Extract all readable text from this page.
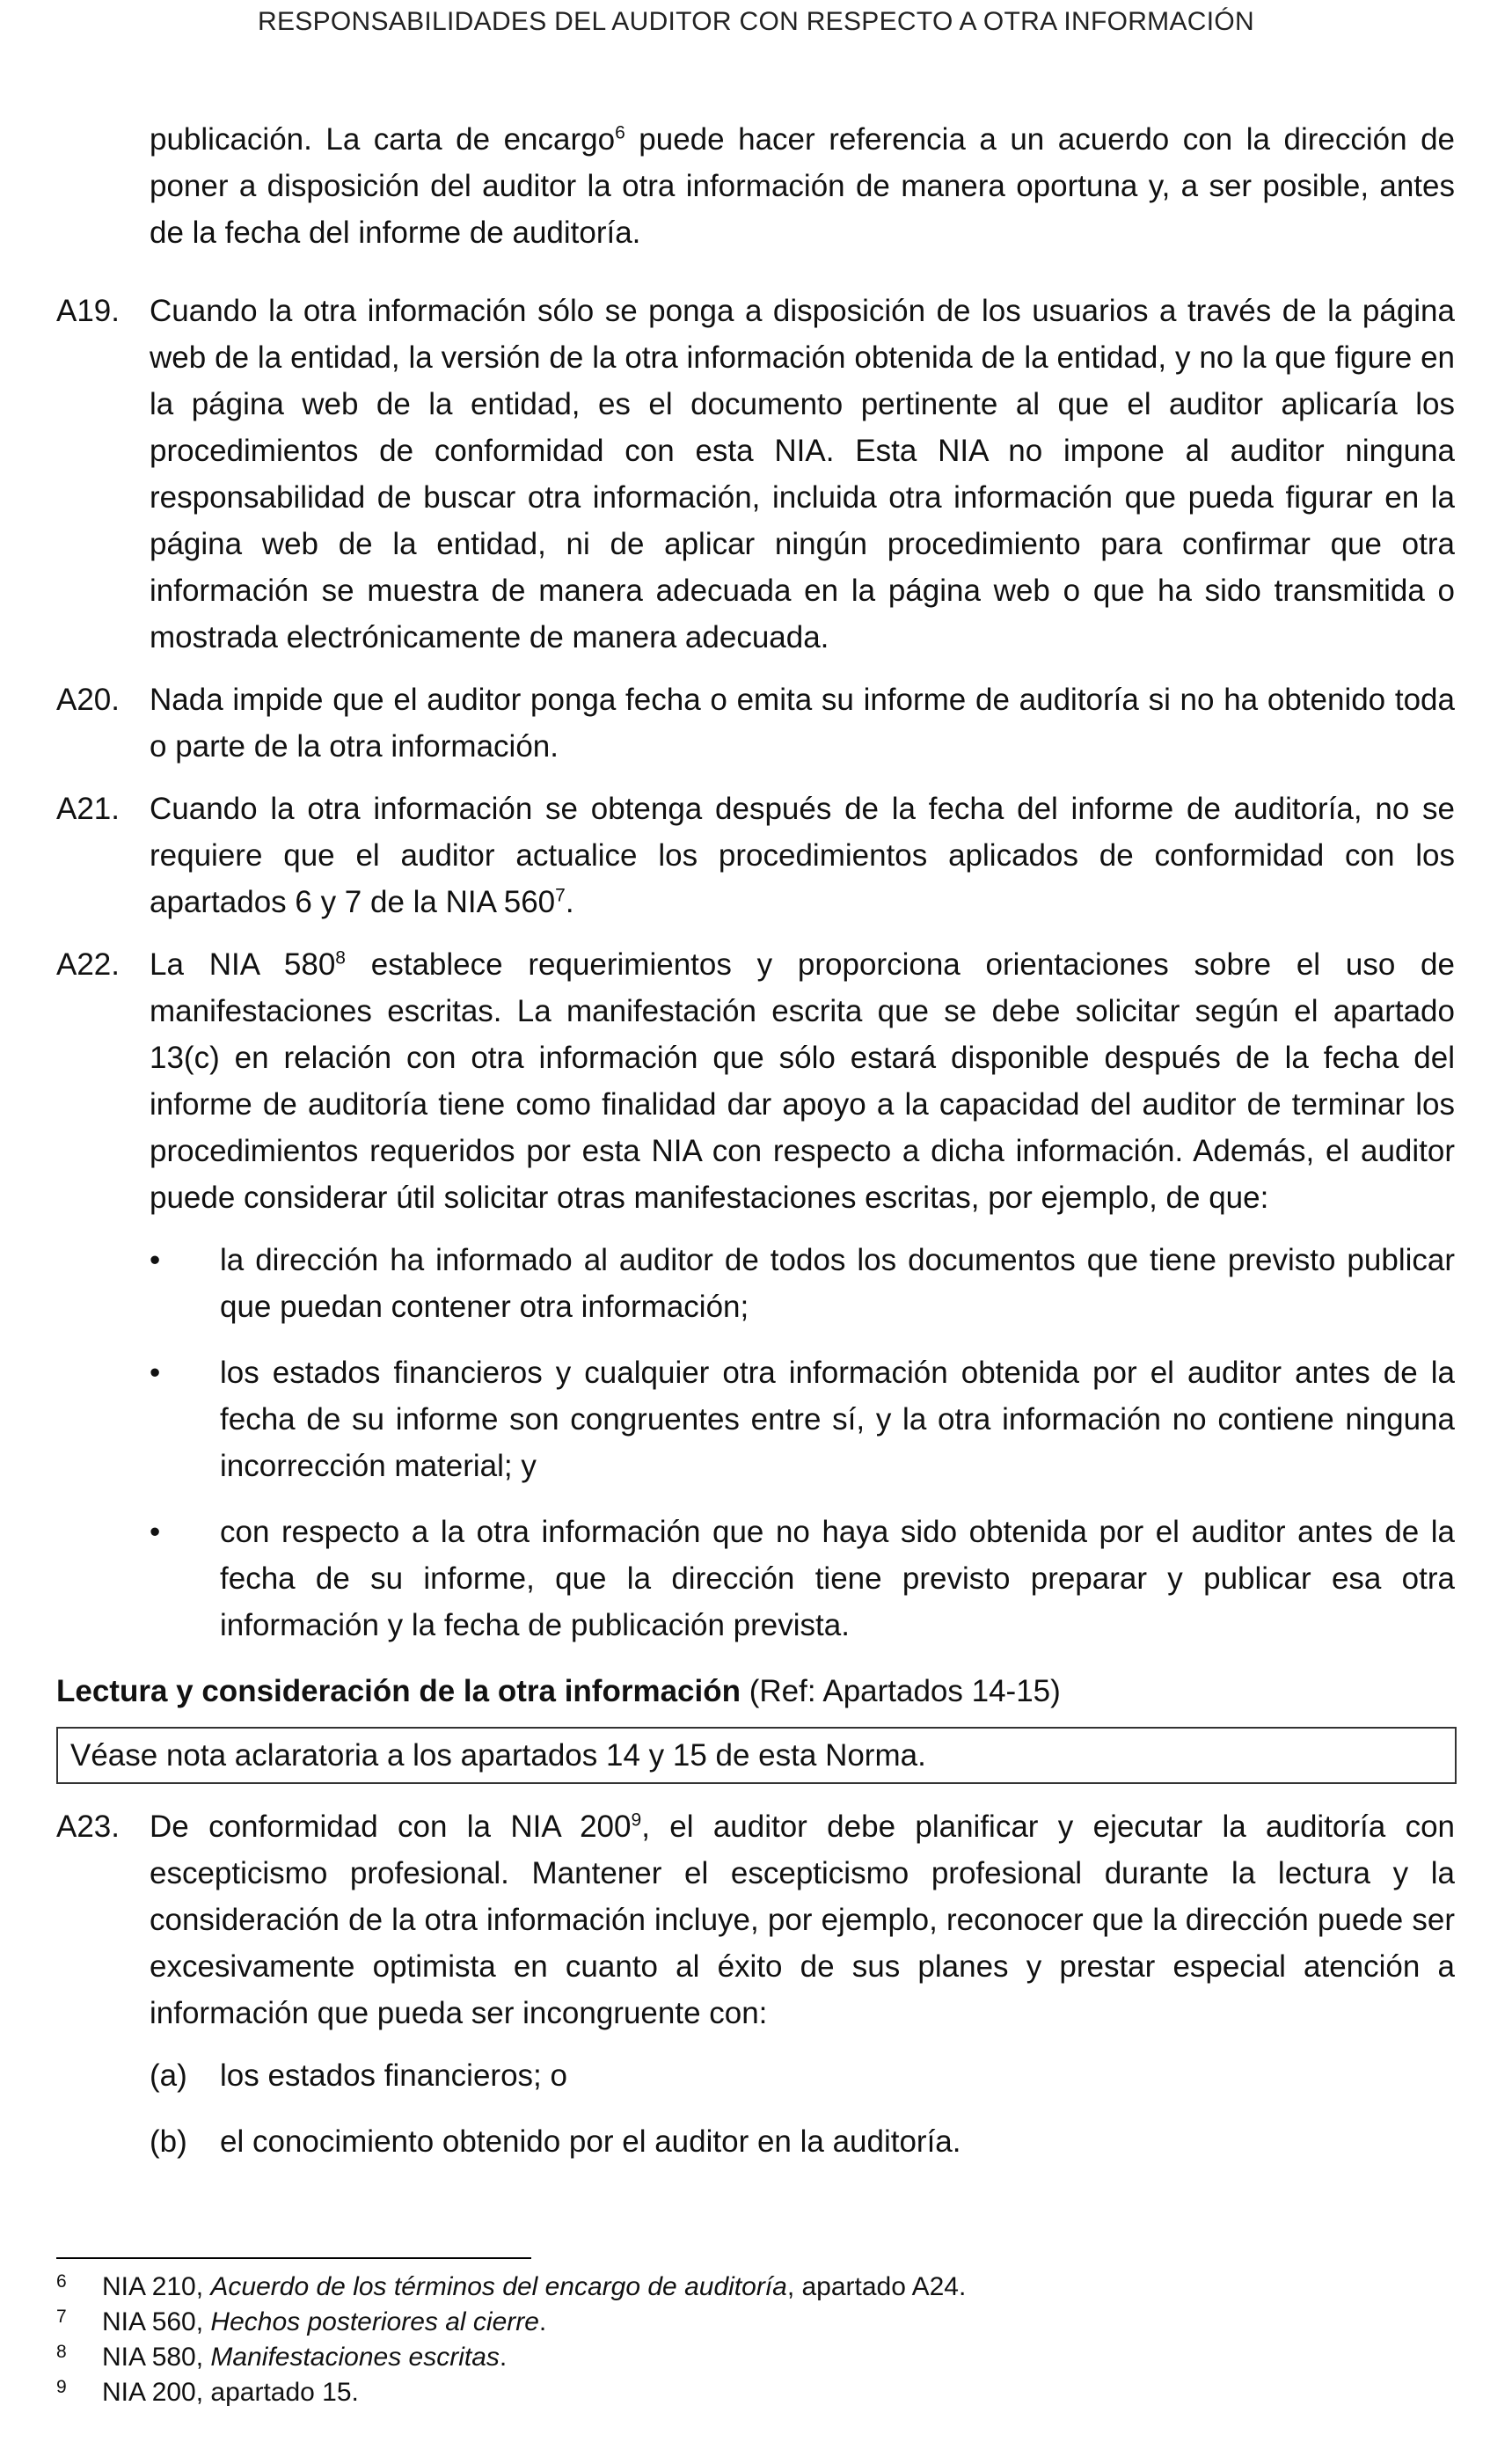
RESPONSABILIDADES DEL AUDITOR CON RESPECTO A OTRA INFORMACIÓN
publicación. La carta de encargo$^6$ puede hacer referencia a un acuerdo con la dirección de poner a disposición del auditor la otra información de manera oportuna y, a ser posible, antes de la fecha del informe de auditoría.
A19. Cuando la otra información sólo se ponga a disposición de los usuarios a través de la página web de la entidad, la versión de la otra información obtenida de la entidad, y no la que figure en la página web de la entidad, es el documento pertinente al que el auditor aplicaría los procedimientos de conformidad con esta NIA. Esta NIA no impone al auditor ninguna responsabilidad de buscar otra información, incluida otra información que pueda figurar en la página web de la entidad, ni de aplicar ningún procedimiento para confirmar que otra información se muestra de manera adecuada en la página web o que ha sido transmitida o mostrada electrónicamente de manera adecuada.
A20. Nada impide que el auditor ponga fecha o emita su informe de auditoría si no ha obtenido toda o parte de la otra información.
A21. Cuando la otra información se obtenga después de la fecha del informe de auditoría, no se requiere que el auditor actualice los procedimientos aplicados de conformidad con los apartados 6 y 7 de la NIA $560^7$.
A22. La NIA $580^8$ establece requerimientos y proporciona orientaciones sobre el uso de manifestaciones escritas. La manifestación escrita que se debe solicitar según el apartado 13(c) en relación con otra información que sólo estará disponible después de la fecha del informe de auditoría tiene como finalidad dar apoyo a la capacidad del auditor de terminar los procedimientos requeridos por esta NIA con respecto a dicha información. Además, el auditor puede considerar útil solicitar otras manifestaciones escritas, por ejemplo, de que:
•	la dirección ha informado al auditor de todos los documentos que tiene previsto publicar que puedan contener otra información;
•	los estados financieros y cualquier otra información obtenida por el auditor antes de la fecha de su informe son congruentes entre sí, y la otra información no contiene ninguna incorrección material; y
•	con respecto a la otra información que no haya sido obtenida por el auditor antes de la fecha de su informe, que la dirección tiene previsto preparar y publicar esa otra información y la fecha de publicación prevista.
Lectura y consideración de la otra información (Ref: Apartados 14-15)
Véase nota aclaratoria a los apartados 14 y 15 de esta Norma.
A23. De conformidad con la NIA $200^9$, el auditor debe planificar y ejecutar la auditoría con escepticismo profesional. Mantener el escepticismo profesional durante la lectura y la consideración de la otra información incluye, por ejemplo, reconocer que la dirección puede ser excesivamente optimista en cuanto al éxito de sus planes y prestar especial atención a información que pueda ser incongruente con:
(a)	los estados financieros; o
(b)	el conocimiento obtenido por el auditor en la auditoría.
6	NIA 210, Acuerdo de los términos del encargo de auditoría, apartado A24.
7	NIA 560, Hechos posteriores al cierre.
8	NIA 580, Manifestaciones escritas.
9	NIA 200, apartado 15.
